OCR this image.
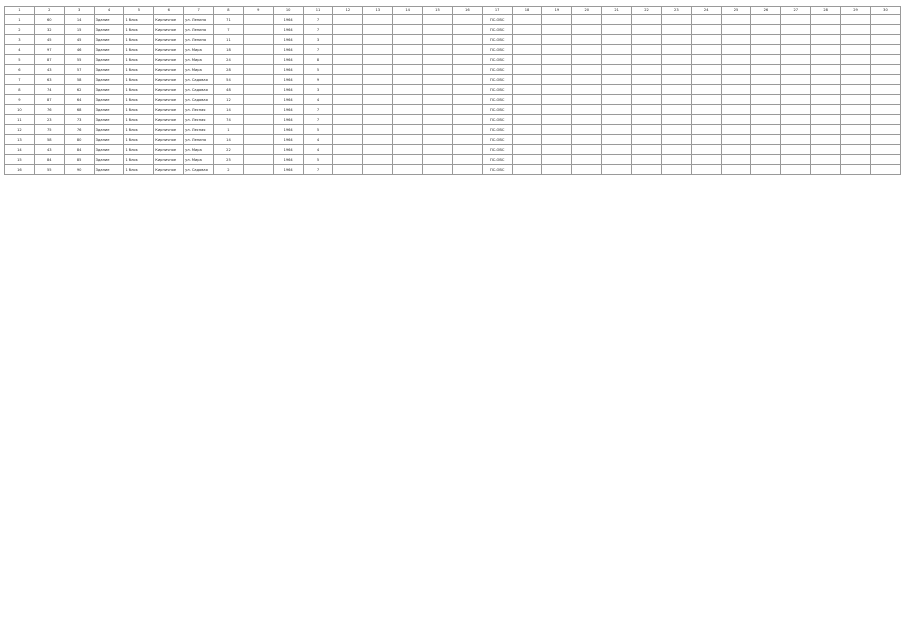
1	2	3	4	5	6	7	8	9	10	11	12	13	14	15	16	17	18	19	20	21	22	23	24	25	26	27	28	29	30
1	60	14	Здание	1 блок	Кирпичное	ул. Ленина	71		1964	7						ПС-ОВС													
2	32	15	Здание	1 блок	Кирпичное	ул. Ленина	7		1964	7						ПС-ОВС													
3	45	45	Здание	1 блок	Кирпичное	ул. Ленина	11		1964	3						ПС-ОВС													
4	97	46	Здание	1 блок	Кирпичное	ул. Мира	18		1964	7						ПС-ОВС													
5	87	55	Здание	1 блок	Кирпичное	ул. Мира	24		1964	8						ПС-ОВС													
6	43	57	Здание	1 блок	Кирпичное	ул. Мира	28		1964	5						ПС-ОВС													
7	63	58	Здание	1 блок	Кирпичное	ул. Садовая	54		1964	9						ПС-ОВС													
8	74	62	Здание	1 блок	Кирпичное	ул. Садовая	48		1964	3						ПС-ОВС													
9	87	64	Здание	1 блок	Кирпичное	ул. Садовая	12		1964	4						ПС-ОВС													
10	76	68	Здание	1 блок	Кирпичное	ул. Лесная	14		1964	7						ПС-ОВС													
11	23	73	Здание	1 блок	Кирпичное	ул. Лесная	74		1964	7						ПС-ОВС													
12	75	76	Здание	1 блок	Кирпичное	ул. Лесная	1		1964	5						ПС-ОВС													
13	58	80	Здание	1 блок	Кирпичное	ул. Ленина	14		1964	4						ПС-ОВС													
14	43	84	Здание	1 блок	Кирпичное	ул. Мира	22		1964	4						ПС-ОВС													
15	84	85	Здание	1 блок	Кирпичное	ул. Мира	25		1964	5						ПС-ОВС													
16	55	90	Здание	1 блок	Кирпичное	ул. Садовая	2		1964	7						ПС-ОВС													
